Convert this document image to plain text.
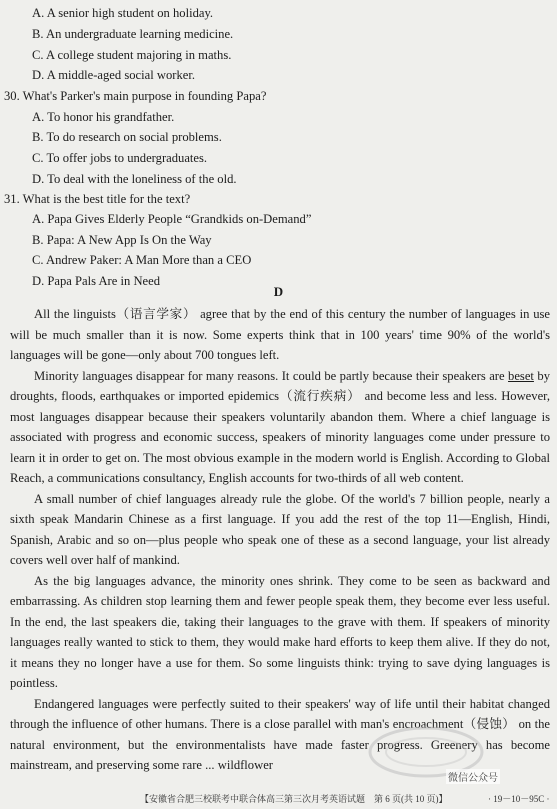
A. A senior high student on holiday.
B. An undergraduate learning medicine.
C. A college student majoring in maths.
D. A middle-aged social worker.
30. What's Parker's main purpose in founding Papa?
A. To honor his grandfather.
B. To do research on social problems.
C. To offer jobs to undergraduates.
D. To deal with the loneliness of the old.
31. What is the best title for the text?
A. Papa Gives Elderly People “Grandkids on-Demand”
B. Papa: A New App Is On the Way
C. Andrew Paker: A Man More than a CEO
D. Papa Pals Are in Need
D

All the linguists（语言学家） agree that by the end of this century the number of languages in use will be much smaller than it is now. Some experts think that in 100 years' time 90% of the world's languages will be gone—only about 700 tongues left.

Minority languages disappear for many reasons. It could be partly because their speakers are beset by droughts, floods, earthquakes or imported epidemics（流行疾病） and become less and less. However, most languages disappear because their speakers voluntarily abandon them. Where a chief language is associated with progress and economic success, speakers of minority languages come under pressure to learn it in order to get on. The most obvious example in the modern world is English. According to Global Reach, a communications consultancy, English accounts for two-thirds of all web content.

A small number of chief languages already rule the globe. Of the world's 7 billion people, nearly a sixth speak Mandarin Chinese as a first language. If you add the rest of the top 11—English, Hindi, Spanish, Arabic and so on—plus people who speak one of these as a second language, your list already covers well over half of mankind.

As the big languages advance, the minority ones shrink. They come to be seen as backward and embarrassing. As children stop learning them and fewer people speak them, they become ever less useful. In the end, the last speakers die, taking their languages to the grave with them. If speakers of minority languages really wanted to stick to them, they would make hard efforts to keep them alive. If they do not, it means they no longer have a use for them. So some linguists think: trying to save dying languages is pointless.

Endangered languages were perfectly suited to their speakers' way of life until their habitat changed through the influence of other humans. There is a close parallel with man's encroachment（侵蚀） on the natural environment, but the environmentalists have made faster progress. Greenery has become mainstream, and preserving some rare ... wildflower

微信公众号
【安徽省合肥三校联考中联合体高三第三次月考英语试题　第 6 页(共 10 页)】	· 19－10－95C ·
